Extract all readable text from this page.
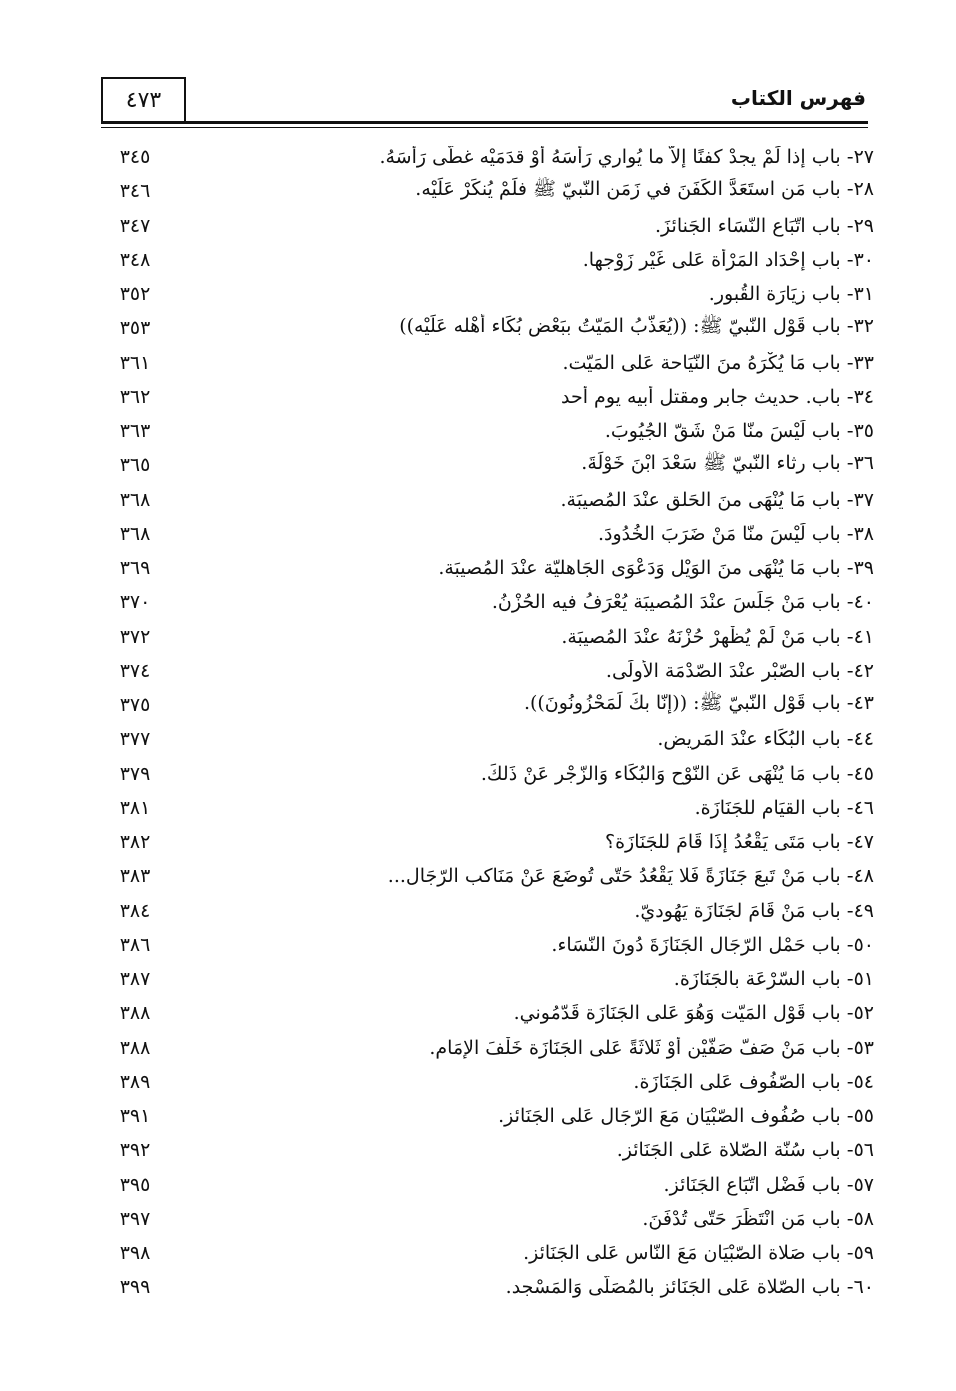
٤٧٣	فهرس الكتاب
٣٤٥	٢٧- باب إذا لَمْ يجدْ كفنًا إلاّ ما يُواري رَأسَهُ أوْ قدَمَيْه غطّى رَأسَهُ.
٣٤٦	٢٨- باب مَن استَعَدَّ الكَفَنَ في زَمَن النّبيّ ﷺ فلَمْ يُنكَرْ عَلَيْه.
٣٤٧	٢٩- باب اتّبَاع النّسَاء الجَنائزَ.
٣٤٨	٣٠- باب إحْدَاد المَرْأة عَلى غَيْر زَوْجها.
٣٥٢	٣١- باب زيَارَة القُبور.
٣٥٣	٣٢- باب قَوْل النّبيّ ﷺ: ((يُعَذّبُ المَيّتُ ببَعْض بُكَاء أهْله عَلَيْه))
٣٦١	٣٣- باب مَا يُكْرَهُ منَ النّيَاحة عَلى المَيّت.
٣٦٢	٣٤- باب. حديث جابر ومقتل أبيه يوم أُحد
٣٦٣	٣٥- باب لَيْسَ منّا مَنْ شَقّ الجُيُوبَ.
٣٦٥	٣٦- باب رثاء النّبيّ ﷺ سَعْدَ ابْنَ خَوْلَةَ.
٣٦٨	٣٧- باب مَا يُنْهَى منَ الحَلق عنْدَ المُصيبَة.
٣٦٨	٣٨- باب لَيْسَ منّا مَنْ ضَرَبَ الخُدُودَ.
٣٦٩	٣٩- باب مَا يُنْهَى منَ الوَيْل وَدَعْوَى الجَاهليّة عنْدَ المُصيبَة.
٣٧٠	٤٠- باب مَنْ جَلَسَ عنْدَ المُصيبَة يُعْرَفُ فيه الحُزْنُ.
٣٧٢	٤١- باب مَنْ لَمْ يُظْهرْ حُزْنَهُ عنْدَ المُصيبَة.
٣٧٤	٤٢- باب الصّبْر عنْدَ الصّدْمَة الأُولَى.
٣٧٥	٤٣- باب قَوْل النّبيّ ﷺ: ((إنّا بكَ لَمَحْزُونُونَ)).
٣٧٧	٤٤- باب البُكَاء عنْدَ المَريض.
٣٧٩	٤٥- باب مَا يُنْهَى عَن النّوْح وَالبُكَاء وَالزّجْر عَنْ ذَلكَ.
٣٨١	٤٦- باب القيَام للجَنَازَة.
٣٨٢	٤٧- باب مَتَى يَقْعُدُ إذَا قَامَ للجَنَازَة؟
٣٨٣	٤٨- باب مَنْ تَبعَ جَنَازَةً فَلا يَقْعُدُ حَتّى تُوضَعَ عَنْ مَنَاكب الرّجَال...
٣٨٤	٤٩- باب مَنْ قَامَ لجَنَازَة يَهُوديّ.
٣٨٦	٥٠- باب حَمْل الرّجَال الجَنَازَةَ دُونَ النّسَاء.
٣٨٧	٥١- باب السّرْعَة بالجَنَازَة.
٣٨٨	٥٢- باب قَوْل المَيّت وَهُوَ عَلى الجَنَازَة قَدّمُوني.
٣٨٨	٥٣- باب مَنْ صَفّ صَفّيْن أوْ ثَلاثَةً عَلى الجَنَازَة خَلْفَ الإمَام.
٣٨٩	٥٤- باب الصّفُوف عَلى الجَنَازَة.
٣٩١	٥٥- باب صُفُوف الصّبْيَان مَعَ الرّجَال عَلى الجَنَائز.
٣٩٢	٥٦- باب سُنّة الصّلاة عَلى الجَنَائز.
٣٩٥	٥٧- باب فَضْل اتّبَاع الجَنَائز.
٣٩٧	٥٨- باب مَن انْتَظَرَ حَتّى تُدْفَنَ.
٣٩٨	٥٩- باب صَلاة الصّبْيَان مَعَ النّاس عَلى الجَنَائز.
٣٩٩	٦٠- باب الصّلاة عَلى الجَنَائز بالمُصَلّى وَالمَسْجد.
